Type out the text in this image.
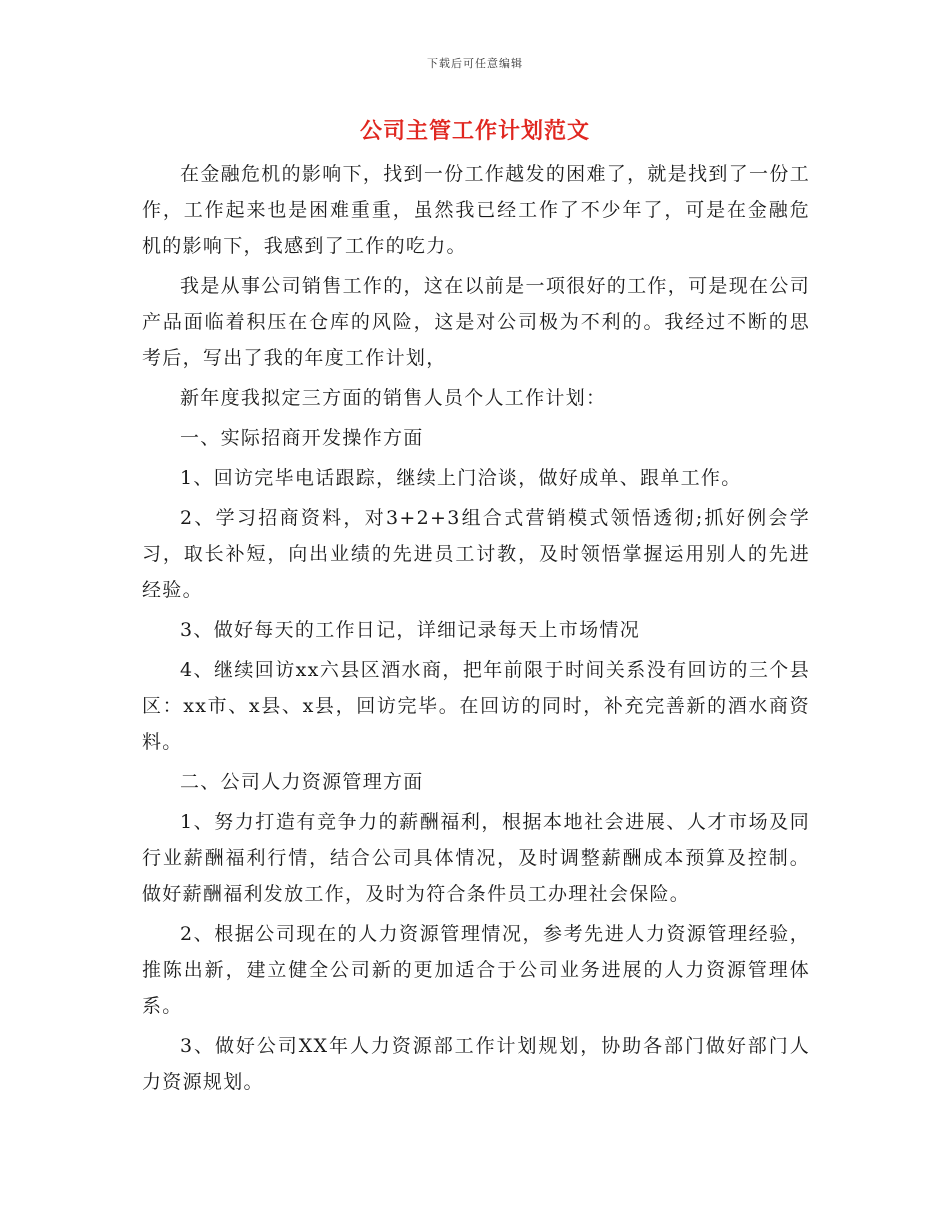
下载后可任意编辑
公司主管工作计划范文

在金融危机的影响下，找到一份工作越发的困难了，就是找到了一份工作，工作起来也是困难重重，虽然我已经工作了不少年了，可是在金融危机的影响下，我感到了工作的吃力。

我是从事公司销售工作的，这在以前是一项很好的工作，可是现在公司产品面临着积压在仓库的风险，这是对公司极为不利的。我经过不断的思考后，写出了我的年度工作计划，

新年度我拟定三方面的销售人员个人工作计划：

一、实际招商开发操作方面

1、回访完毕电话跟踪，继续上门洽谈，做好成单、跟单工作。

2、学习招商资料，对3+2+3组合式营销模式领悟透彻;抓好例会学习，取长补短，向出业绩的先进员工讨教，及时领悟掌握运用别人的先进经验。

3、做好每天的工作日记，详细记录每天上市场情况

4、继续回访xx六县区酒水商，把年前限于时间关系没有回访的三个县区：xx市、x县、x县，回访完毕。在回访的同时，补充完善新的酒水商资料。

二、公司人力资源管理方面

1、努力打造有竞争力的薪酬福利，根据本地社会进展、人才市场及同行业薪酬福利行情，结合公司具体情况，及时调整薪酬成本预算及控制。做好薪酬福利发放工作，及时为符合条件员工办理社会保险。

2、根据公司现在的人力资源管理情况，参考先进人力资源管理经验，推陈出新，建立健全公司新的更加适合于公司业务进展的人力资源管理体系。

3、做好公司XX年人力资源部工作计划规划，协助各部门做好部门人力资源规划。
